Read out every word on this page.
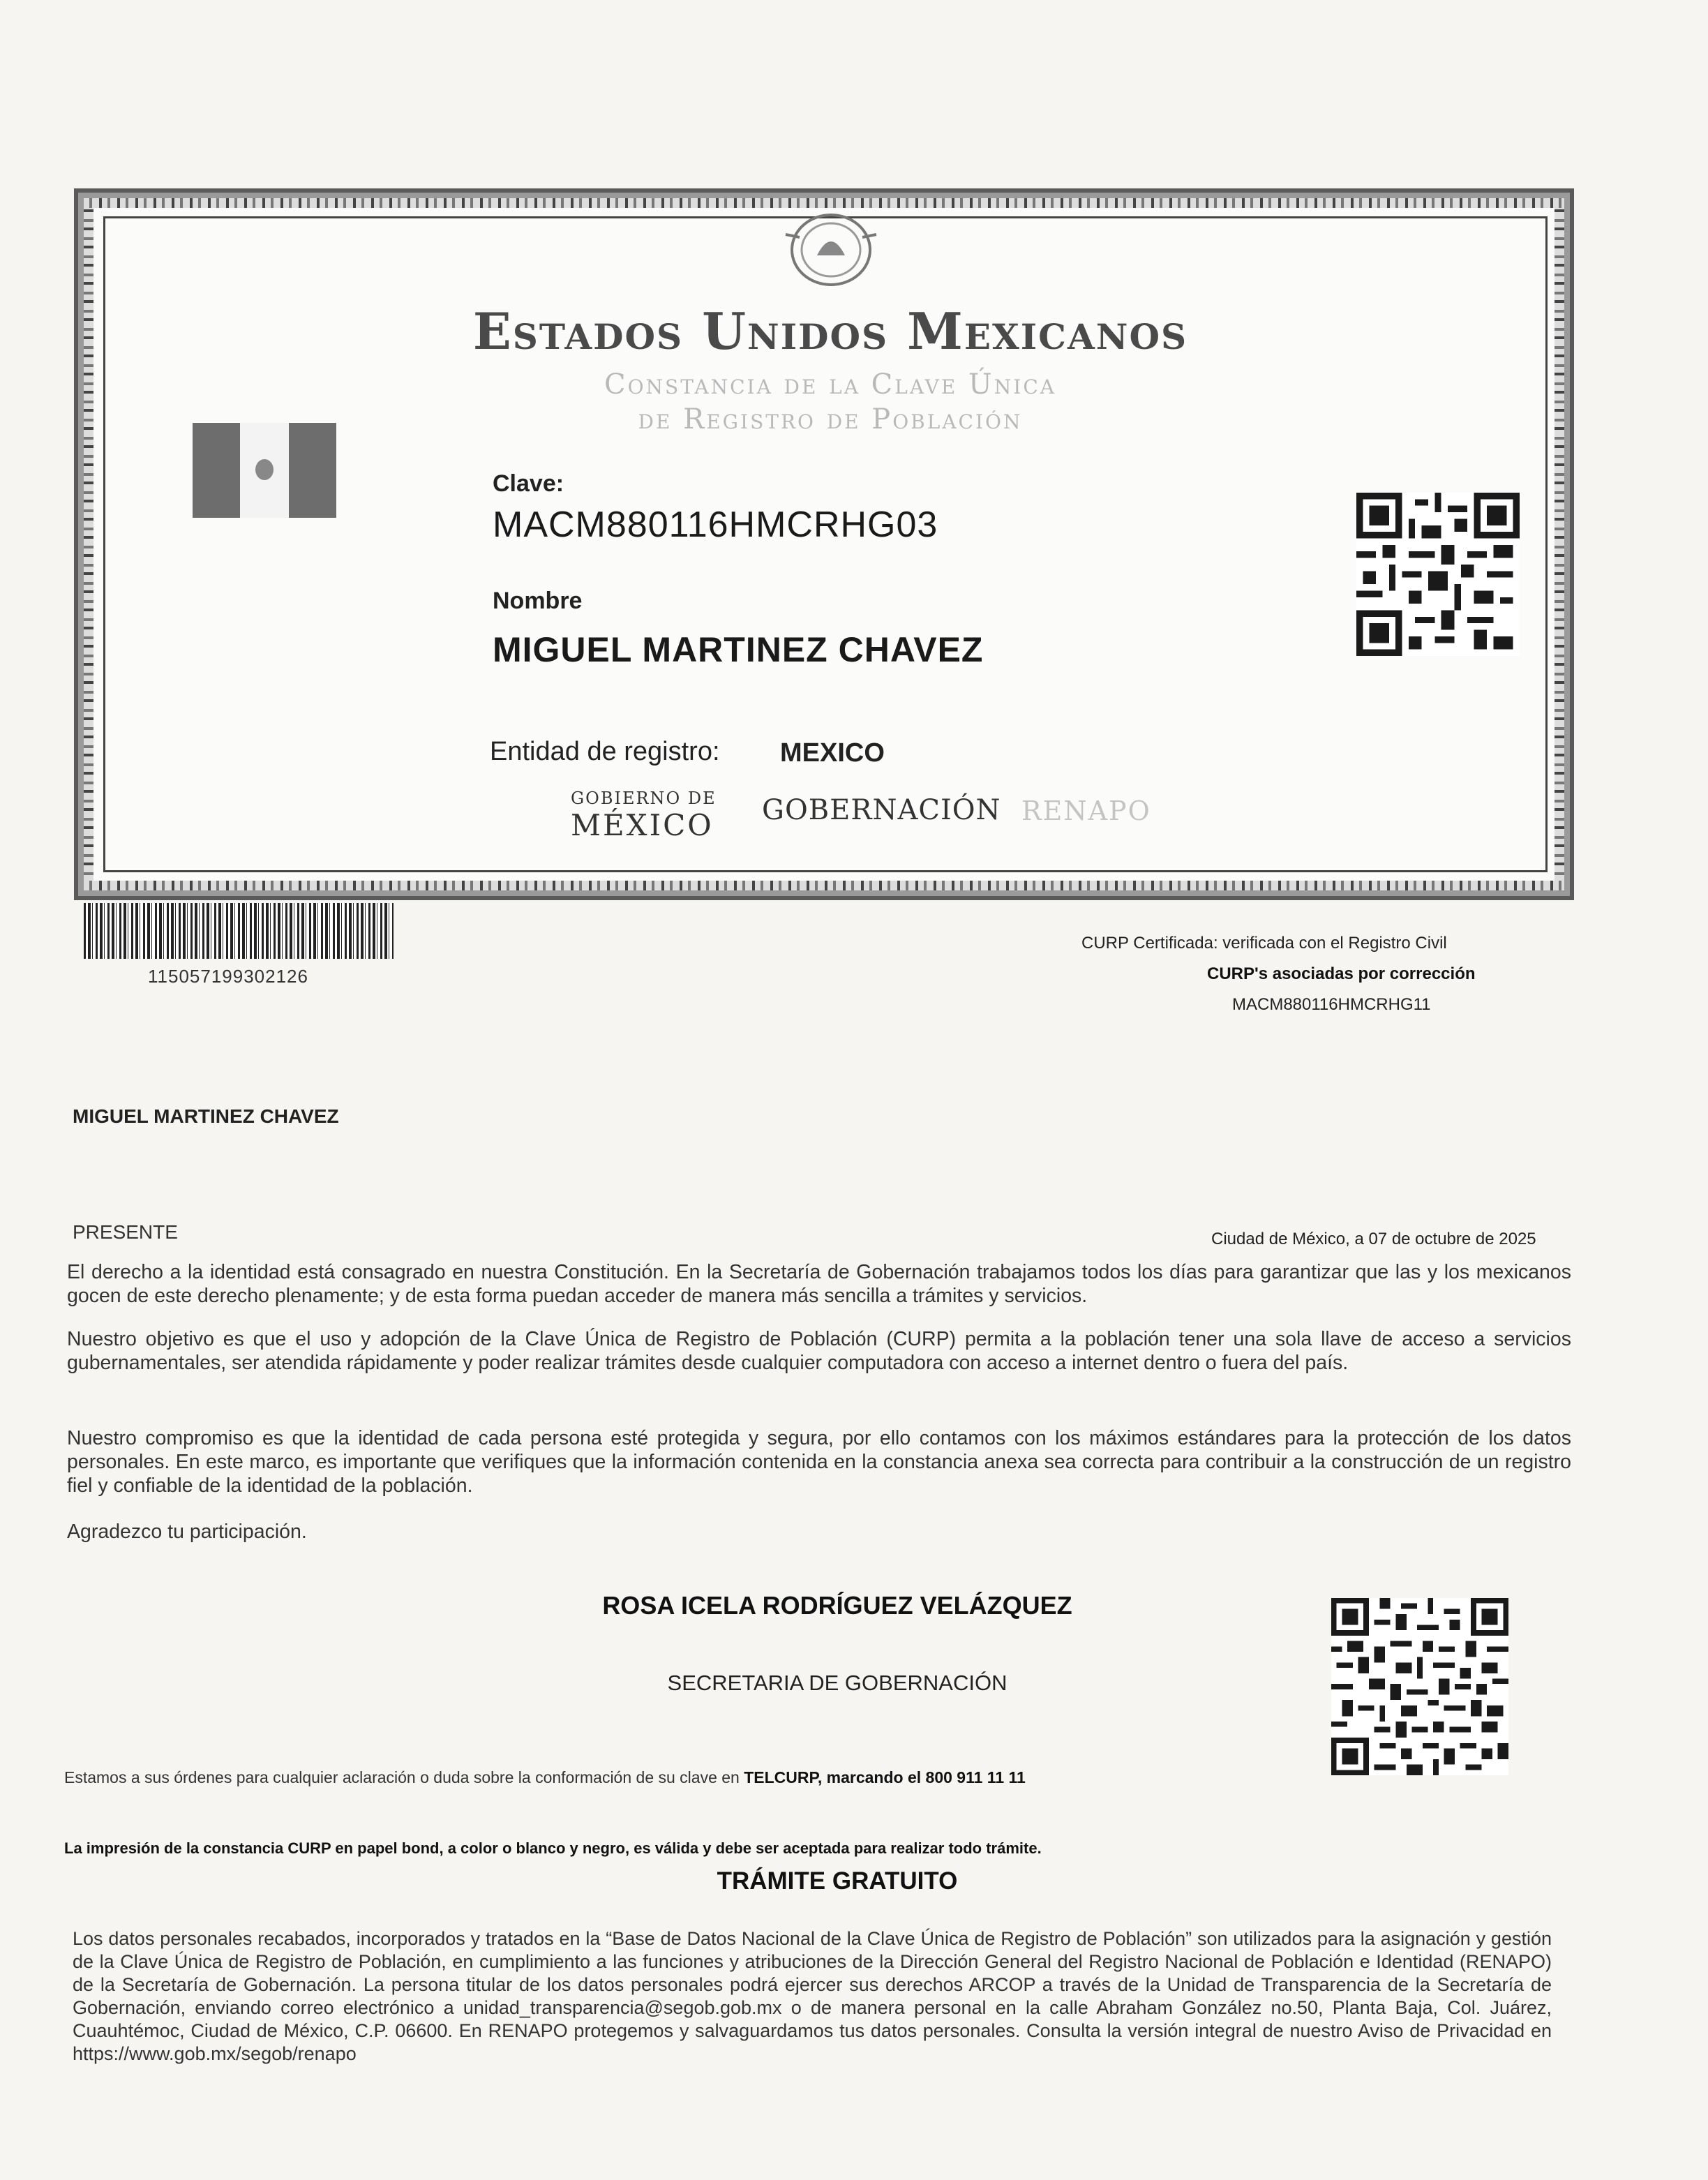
Estados Unidos Mexicanos
Constancia de la Clave Única
de Registro de Población
Clave:
MACM880116HMCRHG03
Nombre
MIGUEL MARTINEZ CHAVEZ
Entidad de registro: MEXICO
GOBIERNO DE
MÉXICO GOBERNACIÓN RENAPO
115057199302126
CURP Certificada: verificada con el Registro Civil
CURP's asociadas por corrección
MACM880116HMCRHG11
MIGUEL MARTINEZ CHAVEZ
PRESENTE	Ciudad de México, a 07 de octubre de 2025
El derecho a la identidad está consagrado en nuestra Constitución. En la Secretaría de Gobernación trabajamos todos los días para garantizar que las y los mexicanos gocen de este derecho plenamente; y de esta forma puedan acceder de manera más sencilla a trámites y servicios.
Nuestro objetivo es que el uso y adopción de la Clave Única de Registro de Población (CURP) permita a la población tener una sola llave de acceso a servicios gubernamentales, ser atendida rápidamente y poder realizar trámites desde cualquier computadora con acceso a internet dentro o fuera del país.
Nuestro compromiso es que la identidad de cada persona esté protegida y segura, por ello contamos con los máximos estándares para la protección de los datos personales. En este marco, es importante que verifiques que la información contenida en la constancia anexa sea correcta para contribuir a la construcción de un registro fiel y confiable de la identidad de la población.
Agradezco tu participación.
ROSA ICELA RODRÍGUEZ VELÁZQUEZ
SECRETARIA DE GOBERNACIÓN
Estamos a sus órdenes para cualquier aclaración o duda sobre la conformación de su clave en TELCURP, marcando el 800 911 11 11
La impresión de la constancia CURP en papel bond, a color o blanco y negro, es válida y debe ser aceptada para realizar todo trámite.
TRÁMITE GRATUITO
Los datos personales recabados, incorporados y tratados en la “Base de Datos Nacional de la Clave Única de Registro de Población” son utilizados para la asignación y gestión de la Clave Única de Registro de Población, en cumplimiento a las funciones y atribuciones de la Dirección General del Registro Nacional de Población e Identidad (RENAPO) de la Secretaría de Gobernación. La persona titular de los datos personales podrá ejercer sus derechos ARCOP a través de la Unidad de Transparencia de la Secretaría de Gobernación, enviando correo electrónico a unidad_transparencia@segob.gob.mx o de manera personal en la calle Abraham González no.50, Planta Baja, Col. Juárez, Cuauhtémoc, Ciudad de México, C.P. 06600. En RENAPO protegemos y salvaguardamos tus datos personales. Consulta la versión integral de nuestro Aviso de Privacidad en https://www.gob.mx/segob/renapo
